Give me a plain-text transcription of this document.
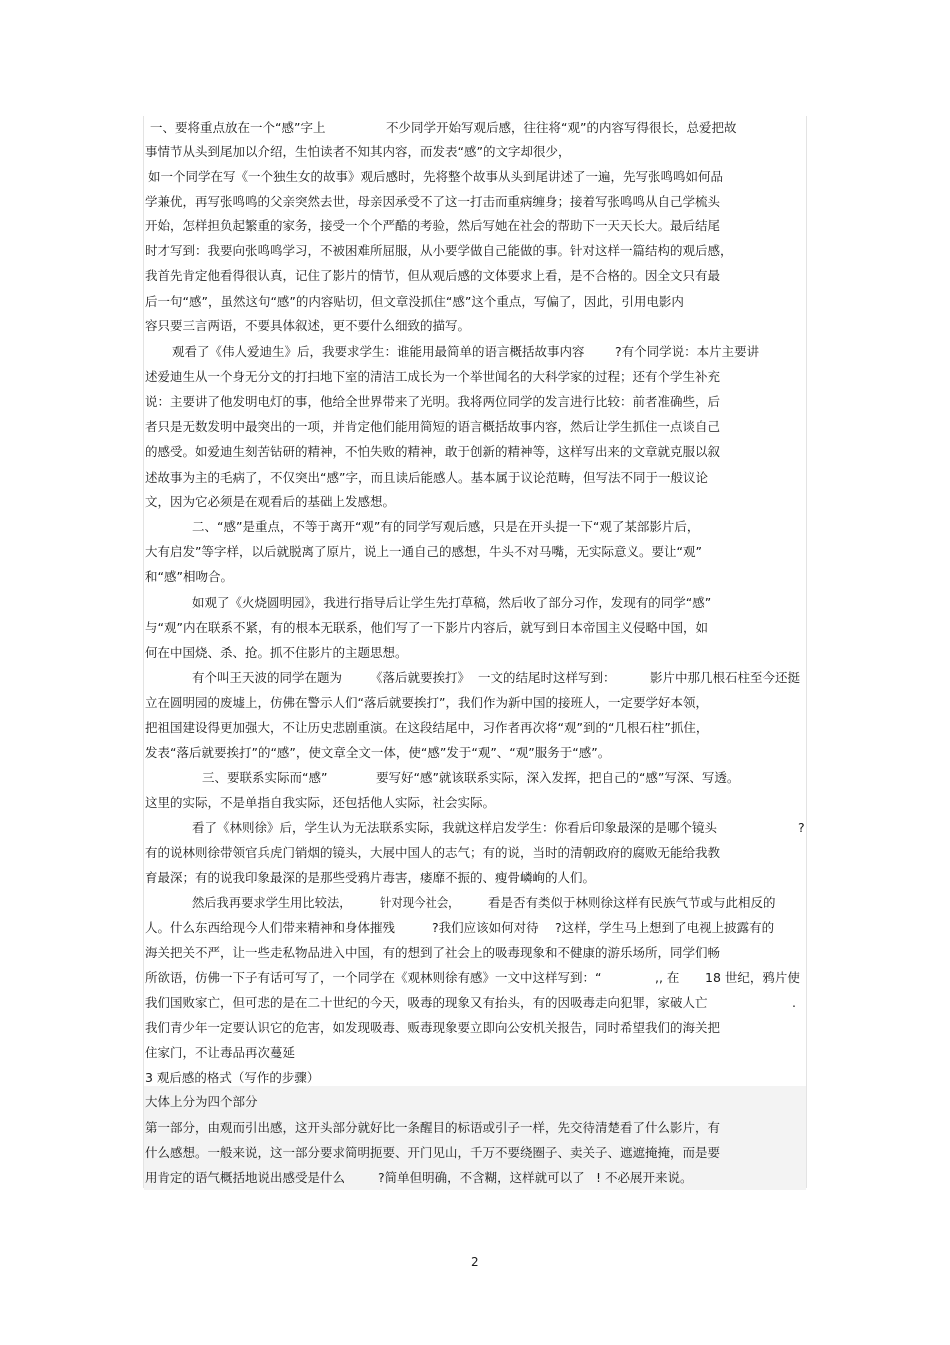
一、要将重点放在一个“感”字上	不少同学开始写观后感，往往将“观”的内容写得很长，总爱把故
事情节从头到尾加以介绍，生怕读者不知其内容，而发表“感”的文字却很少，
如一个同学在写《一个独生女的故事》观后感时，先将整个故事从头到尾讲述了一遍，先写张鸣鸣如何品
学兼优，再写张鸣鸣的父亲突然去世，母亲因承受不了这一打击而重病缠身；接着写张鸣鸣从自己学梳头
开始，怎样担负起繁重的家务，接受一个个严酷的考验，然后写她在社会的帮助下一天天长大。最后结尾
时才写到：我要向张鸣鸣学习，不被困难所屈服，从小要学做自己能做的事。针对这样一篇结构的观后感，
我首先肯定他看得很认真，记住了影片的情节，但从观后感的文体要求上看，是不合格的。因全文只有最
后一句“感”，虽然这句“感”的内容贴切，但文章没抓住“感”这个重点，写偏了，因此，引用电影内
容只要三言两语，不要具体叙述，更不要什么细致的描写。
观看了《伟人爱迪生》后，我要求学生：谁能用最简单的语言概括故事内容 ?有个同学说：本片主要讲
述爱迪生从一个身无分文的打扫地下室的清洁工成长为一个举世闻名的大科学家的过程；还有个学生补充
说：主要讲了他发明电灯的事，他给全世界带来了光明。我将两位同学的发言进行比较：前者准确些，后
者只是无数发明中最突出的一项，并肯定他们能用简短的语言概括故事内容，然后让学生抓住一点谈自己
的感受。如爱迪生刻苦钻研的精神，不怕失败的精神，敢于创新的精神等，这样写出来的文章就克服以叙
述故事为主的毛病了，不仅突出“感”字，而且读后能感人。基本属于议论范畴，但写法不同于一般议论
文，因为它必须是在观看后的基础上发感想。
二、“感”是重点，不等于离开“观”有的同学写观后感，只是在开头提一下“观了某部影片后，
大有启发”等字样，以后就脱离了原片，说上一通自己的感想，牛头不对马嘴，无实际意义。要让“观”
和“感”相吻合。
如观了《火烧圆明园》，我进行指导后让学生先打草稿，然后收了部分习作，发现有的同学“感”
与“观”内在联系不紧，有的根本无联系，他们写了一下影片内容后，就写到日本帝国主义侵略中国，如
何在中国烧、杀、抢。抓不住影片的主题思想。
有个叫王天波的同学在题为 《落后就要挨打》 一文的结尾时这样写到：	影片中那几根石柱至今还挺
立在圆明园的废墟上，仿佛在警示人们“落后就要挨打”，我们作为新中国的接班人，一定要学好本领，
把祖国建设得更加强大，不让历史悲剧重演。在这段结尾中，习作者再次将“观”到的“几根石柱”抓住，
发表“落后就要挨打”的“感”，使文章全文一体，使“感”发于“观”、“观”服务于“感”。
三、要联系实际而“感”	要写好“感”就该联系实际，深入发挥，把自己的“感”写深、写透。
这里的实际，不是单指自我实际，还包括他人实际，社会实际。
看了《林则徐》后，学生认为无法联系实际，我就这样启发学生：你看后印象最深的是哪个镜头	?
有的说林则徐带领官兵虎门销烟的镜头，大展中国人的志气；有的说，当时的清朝政府的腐败无能给我教
育最深；有的说我印象最深的是那些受鸦片毒害，瘘靡不振的、瘦骨嶙峋的人们。
然后我再要求学生用比较法， 针对现今社会， 看是否有类似于林则徐这样有民族气节或与此相反的
人。什么东西给现今人们带来精神和身体摧残	?我们应该如何对待 ?这样，学生马上想到了电视上披露有的
海关把关不严，让一些走私物品进入中国，有的想到了社会上的吸毒现象和不健康的游乐场所，同学们畅
所欲语，仿佛一下子有话可写了，一个同学在《观林则徐有感》一文中这样写到：“	,, 在 18 世纪，鸦片使
我们国败家亡，但可悲的是在二十世纪的今天，吸毒的现象又有抬头，有的因吸毒走向犯罪，家破人亡	.
我们青少年一定要认识它的危害，如发现吸毒、贩毒现象要立即向公安机关报告，同时希望我们的海关把
住家门，不让毒品再次蔓延
3 观后感的格式（写作的步骤）
大体上分为四个部分
第一部分，由观而引出感，这开头部分就好比一条醒目的标语或引子一样，先交待清楚看了什么影片，有
什么感想。一般来说，这一部分要求简明扼要、开门见山，千万不要绕圈子、卖关子、遮遮掩掩，而是要
用肯定的语气概括地说出感受是什么	?简单但明确，不含糊，这样就可以了 ! 不必展开来说。
2
